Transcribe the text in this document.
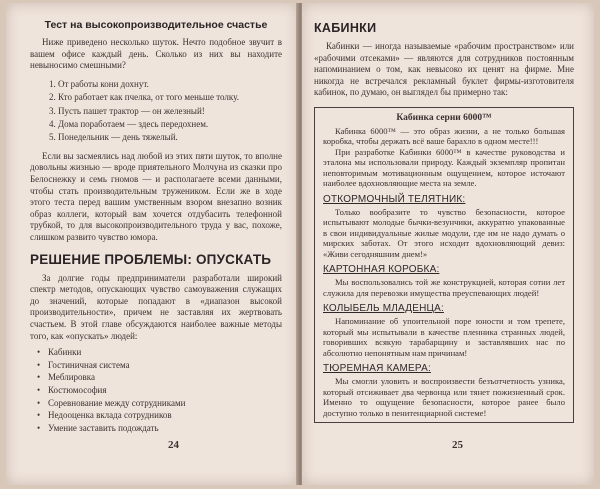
Тест на высокопроизводительное счастье

Ниже приведено несколько шуток. Нечто подобное звучит в вашем офисе каждый день. Сколько из них вы находите невыносимо смешными?

1. От работы кони дохнут.
2. Кто работает как пчелка, от того меньше толку.
3. Пусть пашет трактор — он железный!
4. Дома поработаем — здесь передохнем.
5. Понедельник — день тяжелый.

Если вы засмеялись над любой из этих пяти шуток, то вполне довольны жизнью — вроде приятельного Молчуна из сказки про Белоснежку и семь гномов — и располагаете всеми данными, чтобы стать производительным тружеником. Если же в ходе этого теста перед вашим умственным взором внезапно возник образ коллеги, который вам хочется отдубасить телефонной трубкой, то для высокопроизводительного труда у вас, похоже, слишком развито чувство юмора.

РЕШЕНИЕ ПРОБЛЕМЫ: ОПУСКАТЬ

За долгие годы предприниматели разработали широкий спектр методов, опускающих чувство самоуважения служащих до значений, которые попадают в «диапазон высокой производительности», причем не заставляя их жертвовать счастьем. В этой главе обсуждаются наиболее важные методы того, как «опускать» людей:

• Кабинки
• Гостиничная система
• Меблировка
• Костюмософия
• Соревнование между сотрудниками
• Недооценка вклада сотрудников
• Умение заставить подождать
24
КАБИНКИ

Кабинки — иногда называемые «рабочим пространством» или «рабочими отсеками» — являются для сотрудников постоянным напоминанием о том, как невысоко их ценят на фирме. Мне никогда не встречался рекламный буклет фирмы-изготовителя кабинок, по думаю, он выглядел бы примерно так:

Кабинка серии 6000™

Кабинка 6000™ — это образ жизни, а не только большая коробка, чтобы держать всё ваше барахло в одном месте!!!

При разработке Кабинки 6000™ в качестве руководства и эталона мы использовали природу. Каждый экземпляр пропитан неповторимым мотивационным ощущением, которое источают наиболее вдохновляющие места на земле.

ОТКОРМОЧНЫЙ ТЕЛЯТНИК:

Только вообразите то чувство безопасности, которое испытывают молодые бычки-везунчики, аккуратно упакованные в свои индивидуальные жилые модули, где им не надо думать о мирских заботах. От этого исходит вдохновляющий девиз: «Живи сегодняшним днем!»

КАРТОННАЯ КОРОБКА:

Мы воспользовались той же конструкцией, которая сотни лет служила для перевозки имущества преуспевающих людей!

КОЛЫБЕЛЬ МЛАДЕНЦА:

Напоминание об упоительной поре юности и том трепете, который мы испытывали в качестве пленника странных людей, говоривших всякую тарабарщину и заставлявших нас по абсолютно непонятным нам причинам!

ТЮРЕМНАЯ КАМЕРА:

Мы смогли уловить и воспроизвести безъотчетность узника, который отсиживает два червонца или тянет пожизненный срок. Именно то ощущение безопасности, которое ранее было доступно только в пенитенциарной системе!

25
